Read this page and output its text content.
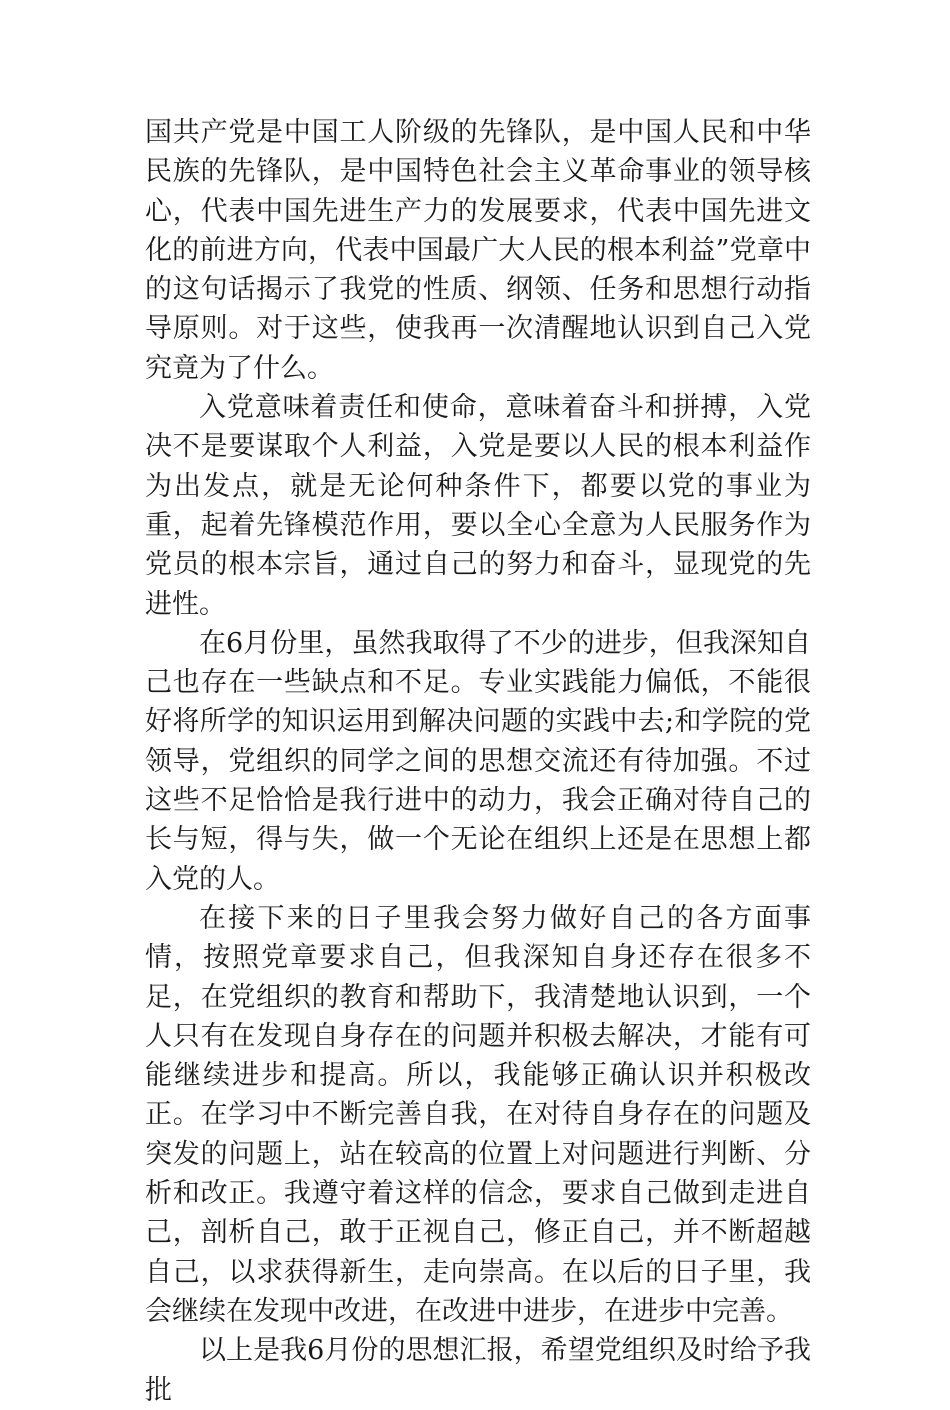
国共产党是中国工人阶级的先锋队，是中国人民和中华民族的先锋队，是中国特色社会主义革命事业的领导核心，代表中国先进生产力的发展要求，代表中国先进文化的前进方向，代表中国最广大人民的根本利益”党章中的这句话揭示了我党的性质、纲领、任务和思想行动指导原则。对于这些，使我再一次清醒地认识到自己入党究竟为了什么。

入党意味着责任和使命，意味着奋斗和拼搏，入党决不是要谋取个人利益，入党是要以人民的根本利益作为出发点，就是无论何种条件下，都要以党的事业为重，起着先锋模范作用，要以全心全意为人民服务作为党员的根本宗旨，通过自己的努力和奋斗，显现党的先进性。

在6月份里，虽然我取得了不少的进步，但我深知自己也存在一些缺点和不足。专业实践能力偏低，不能很好将所学的知识运用到解决问题的实践中去;和学院的党领导，党组织的同学之间的思想交流还有待加强。不过这些不足恰恰是我行进中的动力，我会正确对待自己的长与短，得与失，做一个无论在组织上还是在思想上都入党的人。

在接下来的日子里我会努力做好自己的各方面事情，按照党章要求自己，但我深知自身还存在很多不足，在党组织的教育和帮助下，我清楚地认识到，一个人只有在发现自身存在的问题并积极去解决，才能有可能继续进步和提高。所以，我能够正确认识并积极改正。在学习中不断完善自我，在对待自身存在的问题及突发的问题上，站在较高的位置上对问题进行判断、分析和改正。我遵守着这样的信念，要求自己做到走进自己，剖析自己，敢于正视自己，修正自己，并不断超越自己，以求获得新生，走向崇高。在以后的日子里，我会继续在发现中改进，在改进中进步，在进步中完善。

以上是我6月份的思想汇报，希望党组织及时给予我批
